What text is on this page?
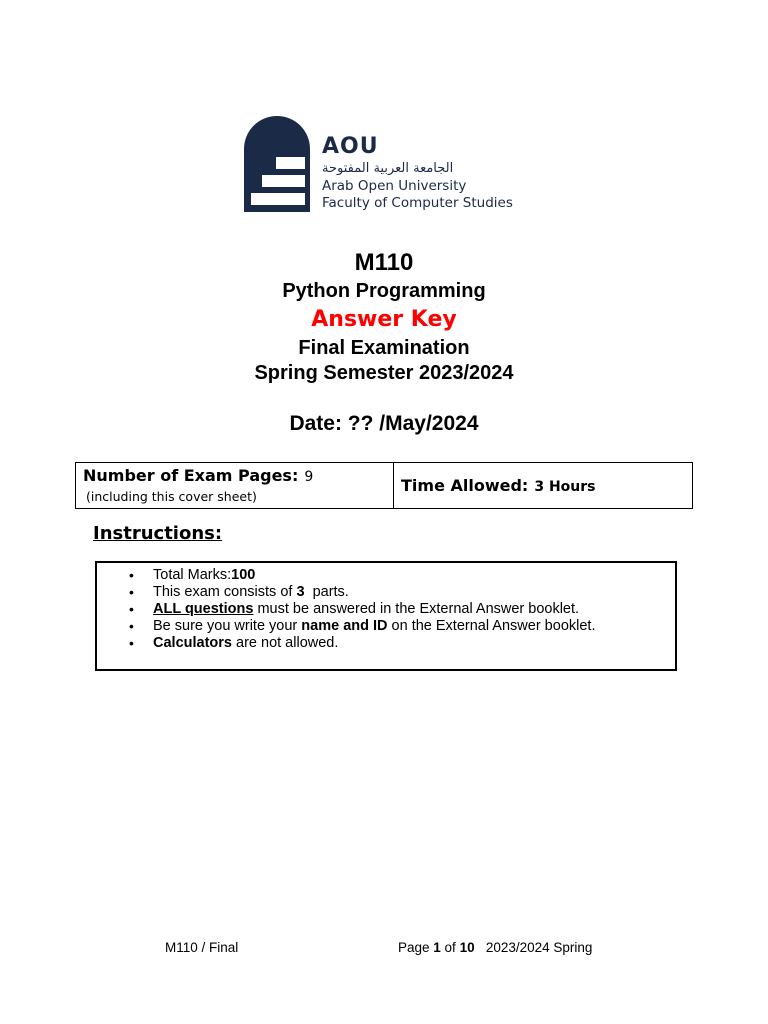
AOU
الجامعة العربية المفتوحة
Arab Open University
Faculty of Computer Studies
M110
Python Programming
Answer Key
Final Examination
Spring Semester 2023/2024
Date: ?? /May/2024
Number of Exam Pages: 9
(including this cover sheet)

Time Allowed: 3 Hours
Instructions:
• Total Marks:100
• This exam consists of 3  parts.
• ALL questions must be answered in the External Answer booklet.
• Be sure you write your name and ID on the External Answer booklet.
• Calculators are not allowed.
M110 / Final	Page 1 of 10   2023/2024 Spring
